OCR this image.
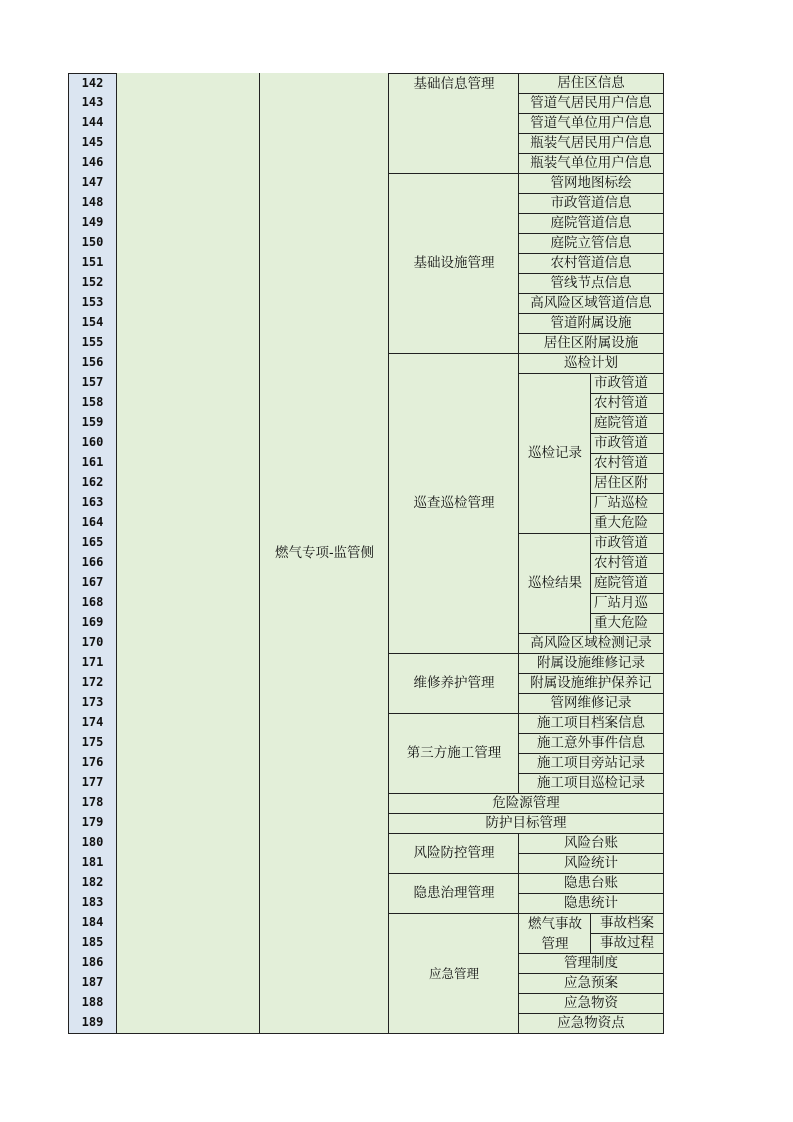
142
143
144
145
146
147
148
149
150
151
152
153
154
155
156
157
158
159
160
161
162
163
164
165
166
167
168
169
170
171
172
173
174
175
176
177
178
179
180
181
182
183
184
185
186
187
188
189
燃气专项-监管侧
基础信息管理
基础设施管理
巡查巡检管理
维修养护管理
第三方施工管理
风险防控管理
隐患治理管理
应急管理
危险源管理
防护目标管理
居住区信息
管道气居民用户信息
管道气单位用户信息
瓶装气居民用户信息
瓶装气单位用户信息
管网地图标绘
市政管道信息
庭院管道信息
庭院立管信息
农村管道信息
管线节点信息
高风险区域管道信息
管道附属设施
居住区附属设施
巡检计划
巡检记录
市政管道
农村管道
庭院管道
市政管道
农村管道
居住区附
厂站巡检
重大危险
巡检结果
市政管道
农村管道
庭院管道
厂站月巡
重大危险
高风险区域检测记录
附属设施维修记录
附属设施维护保养记
管网维修记录
施工项目档案信息
施工意外事件信息
施工项目旁站记录
施工项目巡检记录
风险台账
风险统计
隐患台账
隐患统计
燃气事故
管理
事故档案
事故过程
管理制度
应急预案
应急物资
应急物资点
